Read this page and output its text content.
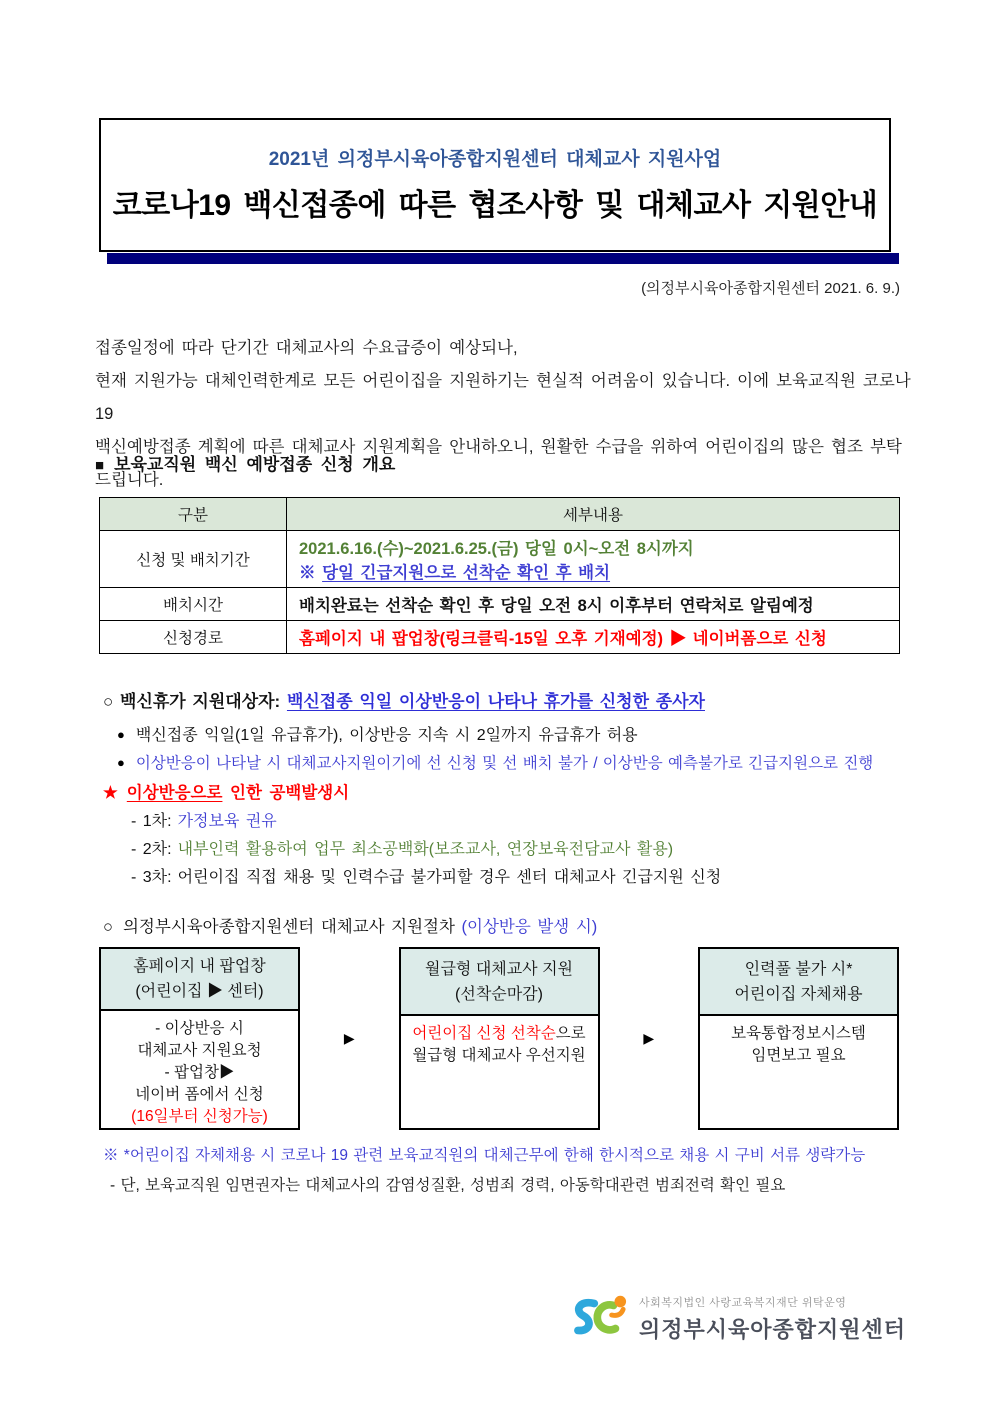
2021년 의정부시육아종합지원센터 대체교사 지원사업
코로나19 백신접종에 따른 협조사항 및 대체교사 지원안내
(의정부시육아종합지원센터 2021. 6. 9.)
접종일정에 따라 단기간 대체교사의 수요급증이 예상되나,
현재 지원가능 대체인력한계로 모든 어린이집을 지원하기는 현실적 어려움이 있습니다. 이에 보육교직원 코로나 19
백신예방접종 계획에 따른 대체교사 지원계획을 안내하오니, 원활한 수급을 위하여 어린이집의 많은 협조 부탁드립니다.
■ 보육교직원 백신 예방접종 신청 개요
구분	세부내용
신청 및 배치기간	2021.6.16.(수)~2021.6.25.(금) 당일 0시~오전 8시까지
※ 당일 긴급지원으로 선착순 확인 후 배치

배치시간	배치완료는 선착순 확인 후 당일 오전 8시 이후부터 연락처로 알림예정
신청경로	홈페이지 내 팝업창(링크클릭-15일 오후 기재예정) ▶ 네이버폼으로 신청
○ 백신휴가 지원대상자: 백신접종 익일 이상반응이 나타나 휴가를 신청한 종사자
● 백신접종 익일(1일 유급휴가), 이상반응 지속 시 2일까지 유급휴가 허용
● 이상반응이 나타날 시 대체교사지원이기에 선 신청 및 선 배치 불가 / 이상반응 예측불가로 긴급지원으로 진행
★ 이상반응으로 인한 공백발생시
- 1차: 가정보육 권유
- 2차: 내부인력 활용하여 업무 최소공백화(보조교사, 연장보육전담교사 활용)
- 3차: 어린이집 직접 채용 및 인력수급 불가피할 경우 센터 대체교사 긴급지원 신청
○ 의정부시육아종합지원센터 대체교사 지원절차 (이상반응 발생 시)
홈페이지 내 팝업창
(어린이집 ▶ 센터)
- 이상반응 시
대체교사 지원요청
- 팝업창▶
네이버 폼에서 신청
(16일부터 신청가능)
▶
월급형 대체교사 지원
(선착순마감)
어린이집 신청 선착순으로
월급형 대체교사 우선지원
▶
인력풀 불가 시*
어린이집 자체채용
보육통합정보시스템
임면보고 필요
※ *어린이집 자체채용 시 코로나 19 관련 보육교직원의 대체근무에 한해 한시적으로 채용 시 구비 서류 생략가능
- 단, 보육교직원 임면권자는 대체교사의 감염성질환, 성범죄 경력, 아동학대관련 범죄전력 확인 필요
사회복지법인 사랑교육복지재단 위탁운영
의정부시육아종합지원센터
